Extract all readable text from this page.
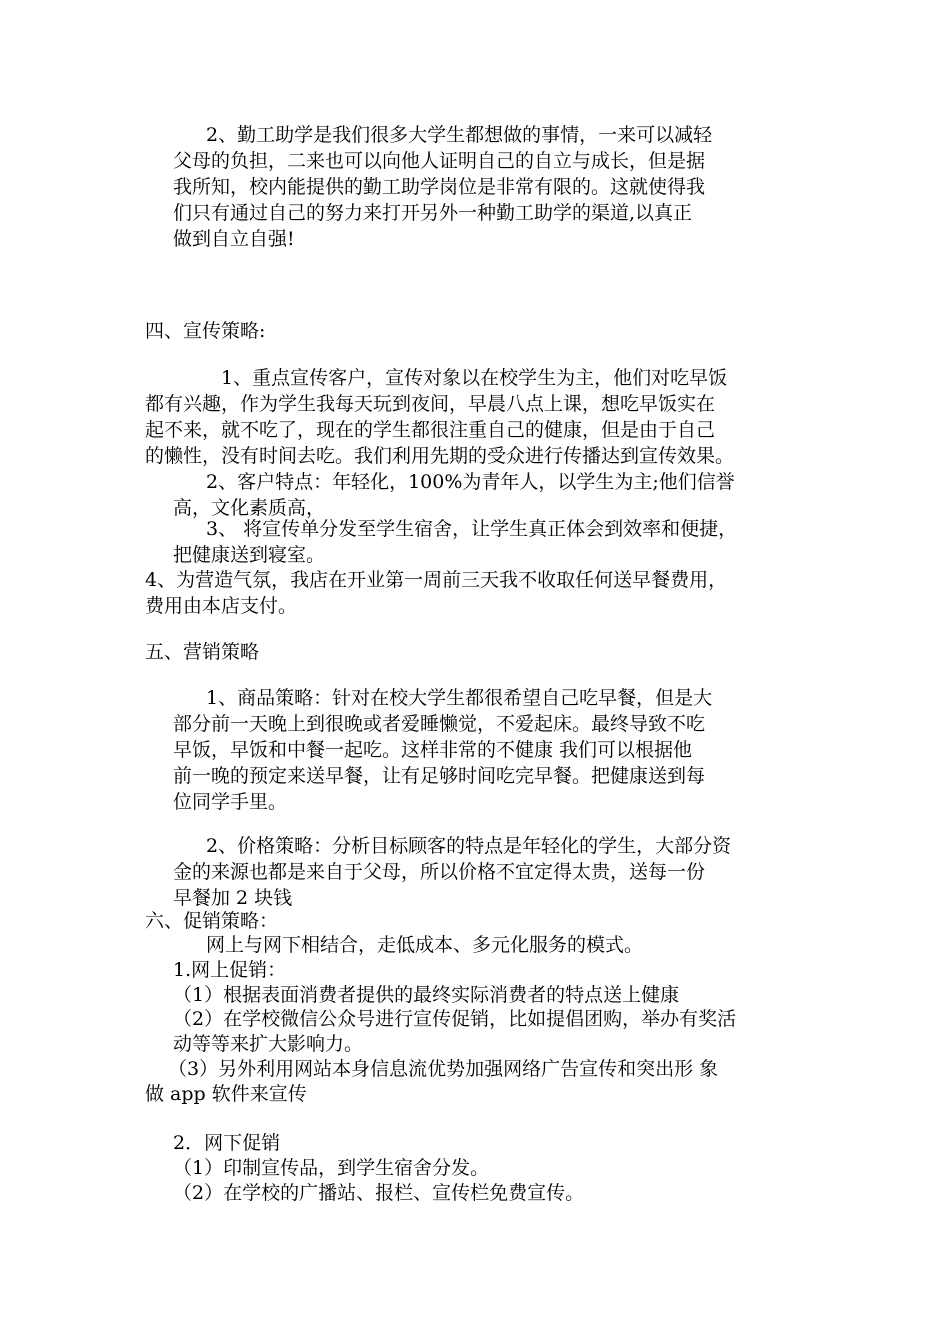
2、勤工助学是我们很多大学生都想做的事情，一来可以减轻

父母的负担，二来也可以向他人证明自己的自立与成长，但是据

我所知，校内能提供的勤工助学岗位是非常有限的。这就使得我

们只有通过自己的努力来打开另外一种勤工助学的渠道,以真正

做到自立自强!

四、宣传策略:

1、重点宣传客户，宣传对象以在校学生为主，他们对吃早饭

都有兴趣，作为学生我每天玩到夜间，早晨八点上课，想吃早饭实在

起不来，就不吃了，现在的学生都很注重自己的健康，但是由于自己

的懒性，没有时间去吃。我们利用先期的受众进行传播达到宣传效果。

2、客户特点：年轻化，100%为青年人，以学生为主;他们信誉

高，文化素质高，

3、 将宣传单分发至学生宿舍，让学生真正体会到效率和便捷，

把健康送到寝室。

4、为营造气氛，我店在开业第一周前三天我不收取任何送早餐费用，

费用由本店支付。

五、营销策略

1、商品策略：针对在校大学生都很希望自己吃早餐，但是大

部分前一天晚上到很晚或者爱睡懒觉，不爱起床。最终导致不吃

早饭，早饭和中餐一起吃。这样非常的不健康 我们可以根据他

前一晚的预定来送早餐，让有足够时间吃完早餐。把健康送到每

位同学手里。

2、价格策略：分析目标顾客的特点是年轻化的学生，大部分资

金的来源也都是来自于父母，所以价格不宜定得太贵，送每一份

早餐加 2 块钱

六、促销策略：

网上与网下相结合，走低成本、多元化服务的模式。

1.网上促销：

（1）根据表面消费者提供的最终实际消费者的特点送上健康

（2）在学校微信公众号进行宣传促销，比如提倡团购，举办有奖活

动等等来扩大影响力。

（3）另外利用网站本身信息流优势加强网络广告宣传和突出形 象

做 app 软件来宣传

2．网下促销

（1）印制宣传品，到学生宿舍分发。

（2）在学校的广播站、报栏、宣传栏免费宣传。
